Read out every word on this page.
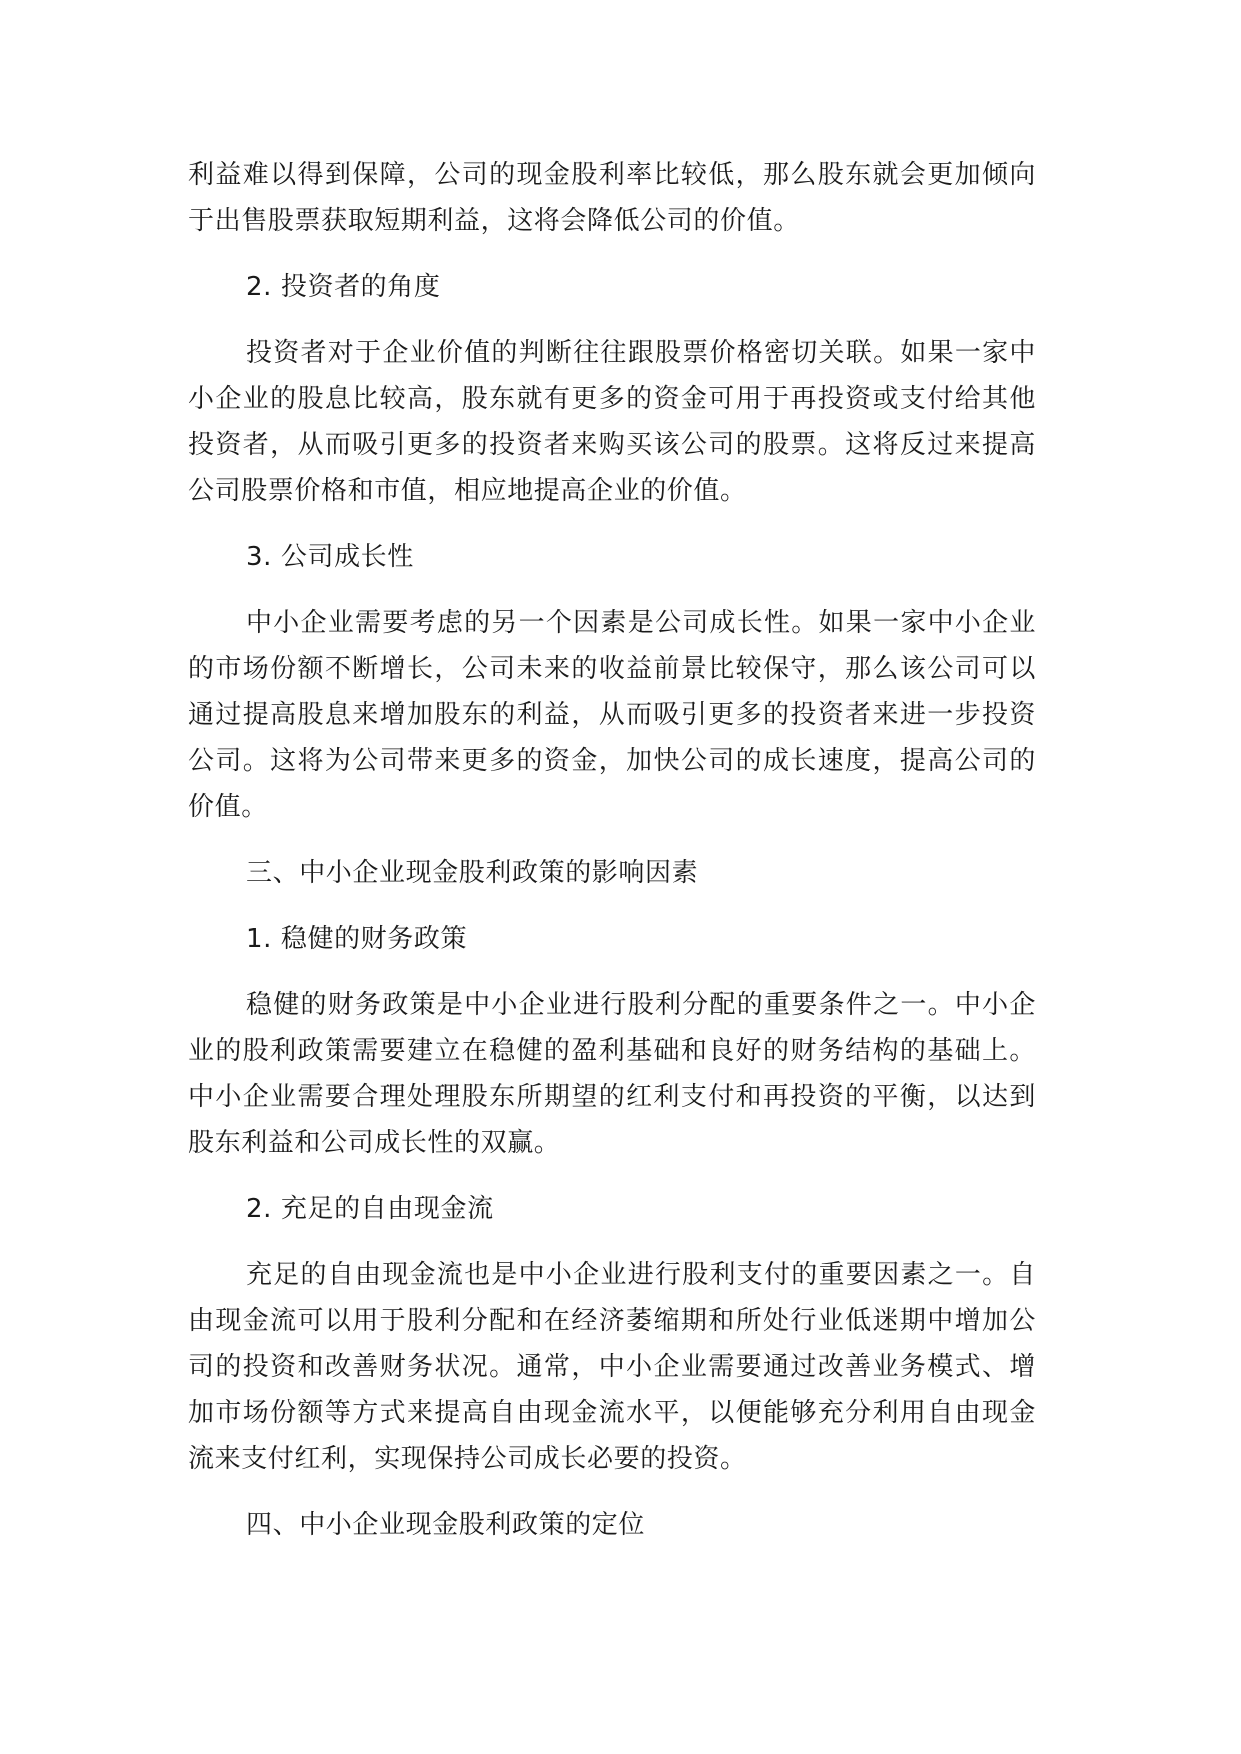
利益难以得到保障，公司的现金股利率比较低，那么股东就会更加倾向于出售股票获取短期利益，这将会降低公司的价值。

2. 投资者的角度

投资者对于企业价值的判断往往跟股票价格密切关联。如果一家中小企业的股息比较高，股东就有更多的资金可用于再投资或支付给其他投资者，从而吸引更多的投资者来购买该公司的股票。这将反过来提高公司股票价格和市值，相应地提高企业的价值。

3. 公司成长性

中小企业需要考虑的另一个因素是公司成长性。如果一家中小企业的市场份额不断增长，公司未来的收益前景比较保守，那么该公司可以通过提高股息来增加股东的利益，从而吸引更多的投资者来进一步投资公司。这将为公司带来更多的资金，加快公司的成长速度，提高公司的价值。

三、中小企业现金股利政策的影响因素

1. 稳健的财务政策

稳健的财务政策是中小企业进行股利分配的重要条件之一。中小企业的股利政策需要建立在稳健的盈利基础和良好的财务结构的基础上。中小企业需要合理处理股东所期望的红利支付和再投资的平衡，以达到股东利益和公司成长性的双赢。

2. 充足的自由现金流

充足的自由现金流也是中小企业进行股利支付的重要因素之一。自由现金流可以用于股利分配和在经济萎缩期和所处行业低迷期中增加公司的投资和改善财务状况。通常，中小企业需要通过改善业务模式、增加市场份额等方式来提高自由现金流水平，以便能够充分利用自由现金流来支付红利，实现保持公司成长必要的投资。

四、中小企业现金股利政策的定位
